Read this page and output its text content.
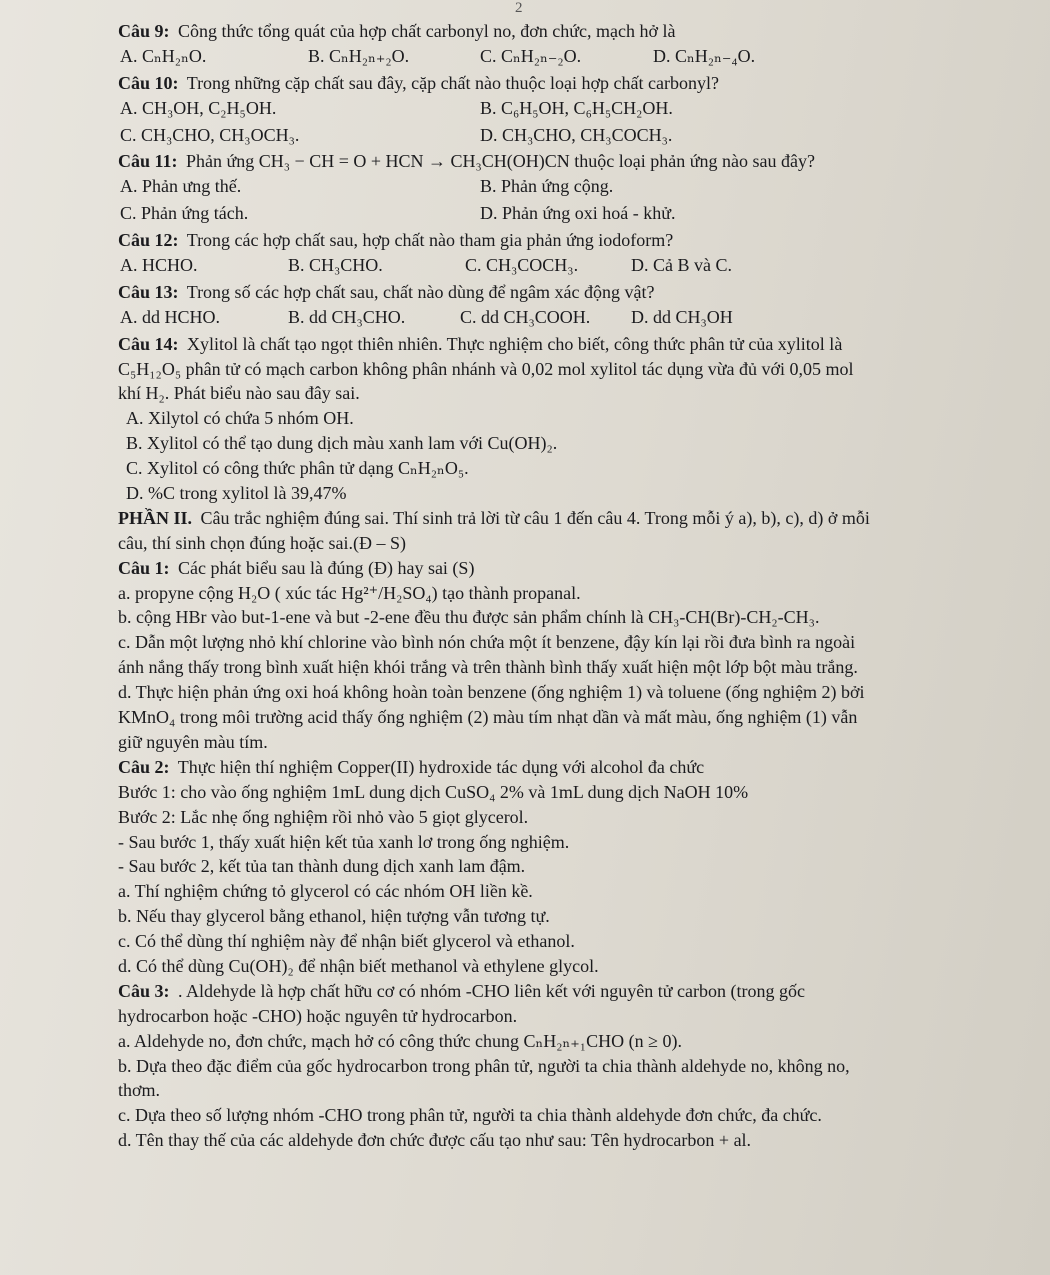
2
Câu 9: Công thức tổng quát của hợp chất carbonyl no, đơn chức, mạch hở là
A. CₙH₂ₙO.	B. CₙH₂ₙ₊₂O.	C. CₙH₂ₙ₋₂O.	D. CₙH₂ₙ₋₄O.
Câu 10: Trong những cặp chất sau đây, cặp chất nào thuộc loại hợp chất carbonyl?
A. CH₃OH, C₂H₅OH.	B. C₆H₅OH, C₆H₅CH₂OH.
C. CH₃CHO, CH₃OCH₃.	D. CH₃CHO, CH₃COCH₃.
Câu 11: Phản ứng CH₃ − CH = O + HCN → CH₃CH(OH)CN thuộc loại phản ứng nào sau đây?
A. Phản ưng thế.	B. Phản ứng cộng.
C. Phản ứng tách.	D. Phản ứng oxi hoá - khử.
Câu 12: Trong các hợp chất sau, hợp chất nào tham gia phản ứng iodoform?
A. HCHO.	B. CH₃CHO.	C. CH₃COCH₃.	D. Cả B và C.
Câu 13: Trong số các hợp chất sau, chất nào dùng để ngâm xác động vật?
A. dd HCHO.	B. dd CH₃CHO.	C. dd CH₃COOH. D. dd CH₃OH
Câu 14: Xylitol là chất tạo ngọt thiên nhiên. Thực nghiệm cho biết, công thức phân tử của xylitol là
C₅H₁₂O₅ phân tử có mạch carbon không phân nhánh và 0,02 mol xylitol tác dụng vừa đủ với 0,05 mol
khí H₂. Phát biểu nào sau đây sai.
A. Xilytol có chứa 5 nhóm OH.
B. Xylitol có thể tạo dung dịch màu xanh lam với Cu(OH)₂.
C. Xylitol có công thức phân tử dạng CₙH₂ₙO₅.
D. %C trong xylitol là 39,47%
PHẦN II. Câu trắc nghiệm đúng sai. Thí sinh trả lời từ câu 1 đến câu 4. Trong mỗi ý a), b), c), d) ở mỗi
câu, thí sinh chọn đúng hoặc sai.(Đ – S)
Câu 1: Các phát biểu sau là đúng (Đ) hay sai (S)
a. propyne cộng H₂O ( xúc tác Hg²⁺/H₂SO₄) tạo thành propanal.
b. cộng HBr vào but-1-ene và but -2-ene đều thu được sản phẩm chính là CH₃-CH(Br)-CH₂-CH₃.
c. Dẫn một lượng nhỏ khí chlorine vào bình nón chứa một ít benzene, đậy kín lại rồi đưa bình ra ngoài
ánh nắng thấy trong bình xuất hiện khói trắng và trên thành bình thấy xuất hiện một lớp bột màu trắng.
d. Thực hiện phản ứng oxi hoá không hoàn toàn benzene (ống nghiệm 1) và toluene (ống nghiệm 2) bởi
KMnO₄ trong môi trường acid thấy ống nghiệm (2) màu tím nhạt dần và mất màu, ống nghiệm (1) vẫn
giữ nguyên màu tím.
Câu 2: Thực hiện thí nghiệm Copper(II) hydroxide tác dụng với alcohol đa chức
Bước 1: cho vào ống nghiệm 1mL dung dịch CuSO₄ 2% và 1mL dung dịch NaOH 10%
Bước 2: Lắc nhẹ ống nghiệm rồi nhỏ vào 5 giọt glycerol.
- Sau bước 1, thấy xuất hiện kết tủa xanh lơ trong ống nghiệm.
- Sau bước 2, kết tủa tan thành dung dịch xanh lam đậm.
a. Thí nghiệm chứng tỏ glycerol có các nhóm OH liền kề.
b. Nếu thay glycerol bằng ethanol, hiện tượng vẫn tương tự.
c. Có thể dùng thí nghiệm này để nhận biết glycerol và ethanol.
d. Có thể dùng Cu(OH)₂ để nhận biết methanol và ethylene glycol.
Câu 3: . Aldehyde là hợp chất hữu cơ có nhóm -CHO liên kết với nguyên tử carbon (trong gốc
hydrocarbon hoặc -CHO) hoặc nguyên tử hydrocarbon.
a. Aldehyde no, đơn chức, mạch hở có công thức chung CₙH₂ₙ₊₁CHO (n ≥ 0).
b. Dựa theo đặc điểm của gốc hydrocarbon trong phân tử, người ta chia thành aldehyde no, không no,
thơm.
c. Dựa theo số lượng nhóm -CHO trong phân tử, người ta chia thành aldehyde đơn chức, đa chức.
d. Tên thay thế của các aldehyde đơn chức được cấu tạo như sau: Tên hydrocarbon + al.
